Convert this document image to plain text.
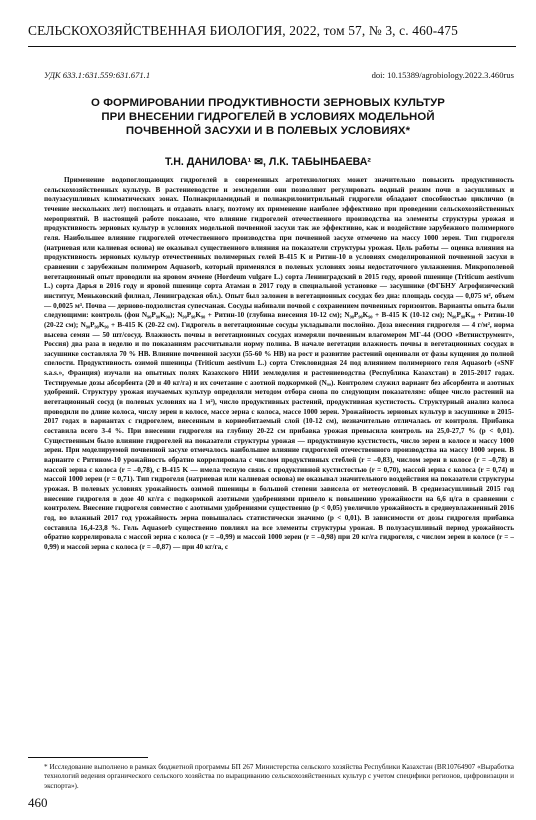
СЕЛЬСКОХОЗЯЙСТВЕННАЯ БИОЛОГИЯ, 2022, том 57, № 3, с. 460-475
УДК 633.1:631.559:631.671.1	doi: 10.15389/agrobiology.2022.3.460rus
О ФОРМИРОВАНИИ ПРОДУКТИВНОСТИ ЗЕРНОВЫХ КУЛЬТУР
ПРИ ВНЕСЕНИИ ГИДРОГЕЛЕЙ В УСЛОВИЯХ МОДЕЛЬНОЙ
ПОЧВЕННОЙ ЗАСУХИ И В ПОЛЕВЫХ УСЛОВИЯХ*
Т.Н. ДАНИЛОВА¹ ✉, Л.К. ТАБЫНБАЕВА²

Применение водопоглощающих гидрогелей в современных агротехнологиях может значительно повысить продуктивность сельскохозяйственных культур. В растениеводстве и земледелии они позволяют регулировать водный режим почв в засушливых и полузасушливых климатических зонах. Полиакриламидный и полиакрилонитрильный гидрогели обладают способностью циклично (в течение нескольких лет) поглощать и отдавать влагу, поэтому их применение наиболее эффективно при проведении сельскохозяйственных мероприятий. В настоящей работе показано, что влияние гидрогелей отечественного производства на элементы структуры урожая и продуктивность зерновых культур в условиях модельной почвенной засухи так же эффективно, как и воздействие зарубежного полимерного геля. Наибольшее влияние гидрогелей отечественного производства при почвенной засухе отмечено на массу 1000 зерен. Тип гидрогеля (натриевая или калиевая основа) не оказывал существенного влияния на показатели структуры урожая. Цель работы — оценка влияния на продуктивность зерновых культур отечественных полимерных гелей B-415 K и Ритин-10 в условиях смоделированной почвенной засухи в сравнении с зарубежным полимером Aquasorb, который применялся в полевых условиях зоны недостаточного увлажнения. Микрополевой вегетационный опыт проводили на яровом ячмене (Hordeum vulgare L.) сорта Ленинградский в 2015 году, яровой пшенице (Triticum aestivum L.) сорта Дарья в 2016 году и яровой пшенице сорта Атаман в 2017 году в специальной установке — засушнике (ФГБНУ Агрофизический институт, Меньковский филиал, Ленинградская обл.). Опыт был заложен в вегетационных сосудах без дна: площадь сосуда — 0,075 м², объем — 0,0025 м³. Почва — дерново-подзолистая супесчаная. Сосуды набивали почвой с сохранением почвенных горизонтов. Варианты опыта были следующими: контроль (фон N₉₀P₉₀K₉₀); N₉₀P₉₀K₉₀ + Ритин-10 (глубина внесения 10-12 см); N₉₀P₉₀K₉₀ + B-415 K (10-12 см); N₉₀P₉₀K₉₀ + Ритин-10 (20-22 см); N₉₀P₉₀K₉₀ + B-415 K (20-22 см). Гидрогель в вегетационные сосуды укладывали послойно. Доза внесения гидрогеля — 4 г/м², норма высева семян — 50 шт/сосуд. Влажность почвы в вегетационных сосудах измеряли почвенным влагомером МГ-44 (ООО «Ветинструмент», Россия) два раза в неделю и по показаниям рассчитывали норму полива. В начале вегетации влажность почвы в вегетационных сосудах в засушнике составляла 70 % НВ. Влияние почвенной засухи (55-60 % НВ) на рост и развитие растений оценивали от фазы кущения до полной спелости. Продуктивность озимой пшеницы (Triticum aestivum L.) сорта Стекловидная 24 под влиянием полимерного геля Aquasorb («SNF s.a.s.», Франция) изучали на опытных полях Казахского НИИ земледелия и растениеводства (Республика Казахстан) в 2015-2017 годах. Тестируемые дозы абсорбента (20 и 40 кг/га) и их сочетание с азотной подкормкой (Nₐₐ). Контролем служил вариант без абсорбента и азотных удобрений. Структуру урожая изучаемых культур определяли методом отбора снопа по следующим показателям: общее число растений на вегетационный сосуд (в полевых условиях на 1 м²), число продуктивных растений, продуктивная кустистость. Структурный анализ колоса проводили по длине колоса, числу зерен в колосе, массе зерна с колоса, массе 1000 зерен. Урожайность зерновых культур в засушнике в 2015-2017 годах в вариантах с гидрогелем, внесенным в корнеобитаемый слой (10-12 см), незначительно отличалась от контроля. Прибавка составила всего 3-4 %. При внесении гидрогеля на глубину 20-22 см прибавка урожая превысила контроль на 25,0-27,7 % (p < 0,01). Существенным было влияние гидрогелей на показатели структуры урожая — продуктивную кустистость, число зерен в колосе и массу 1000 зерен. При моделируемой почвенной засухе отмечалось наибольшее влияние гидрогелей отечественного производства на массу 1000 зерен. В варианте с Ритином-10 урожайность обратно коррелировала с числом продуктивных стеблей (r = –0,83), числом зерен в колосе (r = –0,78) и массой зерна с колоса (r = –0,78), с B-415 K — имела тесную связь с продуктивной кустистостью (r = 0,70), массой зерна с колоса (r = 0,74) и массой 1000 зерен (r = 0,71). Тип гидрогеля (натриевая или калиевая основа) не оказывал значительного воздействия на показатели структуры урожая. В полевых условиях урожайность озимой пшеницы в большой степени зависела от метеоусловий. В среднезасушливый 2015 год внесение гидрогеля в дозе 40 кг/га с подкормкой азотными удобрениями привело к повышению урожайности на 6,6 ц/га в сравнении с контролем. Внесение гидрогеля совместно с азотными удобрениями существенно (p < 0,05) увеличило урожайность в среднеувлажненный 2016 год, во влажный 2017 год урожайность зерна повышалась статистически значимо (p < 0,01). В зависимости от дозы гидрогеля прибавка составила 16,4-23,8 %. Гель Aquasorb существенно повлиял на все элементы структуры урожая. В полузасушливый период урожайность обратно коррелировала с массой зерна с колоса (r = –0,99) и массой 1000 зерен (r = –0,98) при 20 кг/га гидрогеля, с числом зерен в колосе (r = –0,99) и массой зерна с колоса (r = –0,87) — при 40 кг/га, с

* Исследование выполнено в рамках бюджетной программы БП 267 Министерства сельского хозяйства Республики Казахстан (BR10764907 «Выработка технологий ведения органического сельского хозяйства по выращиванию сельскохозяйственных культур с учетом специфики регионов, цифровизации и экспорта»).
460
